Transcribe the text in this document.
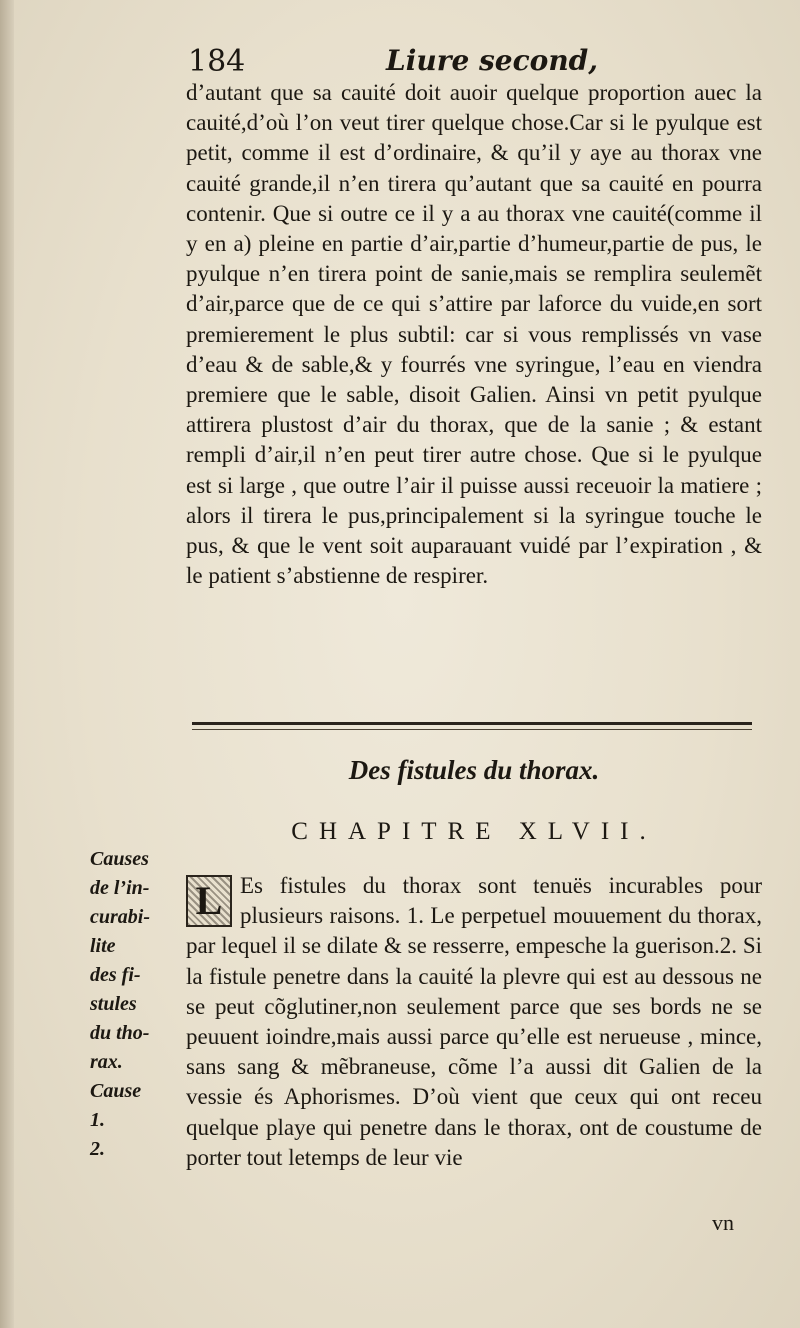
184	Liure second,

d’autant que sa cauité doit auoir quelque proportion auec la cauité,d’où l’on veut tirer quelque chose.Car si le pyulque est petit, comme il est d’ordinaire, & qu’il y aye au thorax vne cauité grande,il n’en tirera qu’autant que sa cauité en pourra contenir. Que si outre ce il y a au thorax vne cauité(comme il y en a) pleine en partie d’air,partie d’humeur,partie de pus, le pyulque n’en tirera point de sanie,mais se remplira seulemẽt d’air,parce que de ce qui s’attire par laforce du vuide,en sort premierement le plus subtil: car si vous remplissés vn vase d’eau & de sable,& y fourrés vne syringue, l’eau en viendra premiere que le sable, disoit Galien. Ainsi vn petit pyulque attirera plustost d’air du thorax, que de la sanie ; & estant rempli d’air,il n’en peut tirer autre chose. Que si le pyulque est si large , que outre l’air il puisse aussi receuoir la matiere ; alors il tirera le pus,principalement si la syringue touche le pus, & que le vent soit auparauant vuidé par l’expiration , & le patient s’abstienne de respirer.

Des fistules du thorax.
CHAPITRE XLVII.
Causes
de l’in-
curabi-
lite
des fi-
stules
du tho-
rax.
Cause
1.
2.
L Es fistules du thorax sont tenuës incurables pour plusieurs raisons. 1. Le perpetuel mouuement du thorax, par lequel il se dilate & se resserre, empesche la guerison.2. Si la fistule penetre dans la cauité la plevre qui est au dessous ne se peut cõglutiner,non seulement parce que ses bords ne se peuuent ioindre,mais aussi parce qu’elle est nerueuse , mince, sans sang & mẽbraneuse, cõme l’a aussi dit Galien de la vessie és Aphorismes. D’où vient que ceux qui ont receu quelque playe qui penetre dans le thorax, ont de coustume de porter tout letemps de leur vie
vn
